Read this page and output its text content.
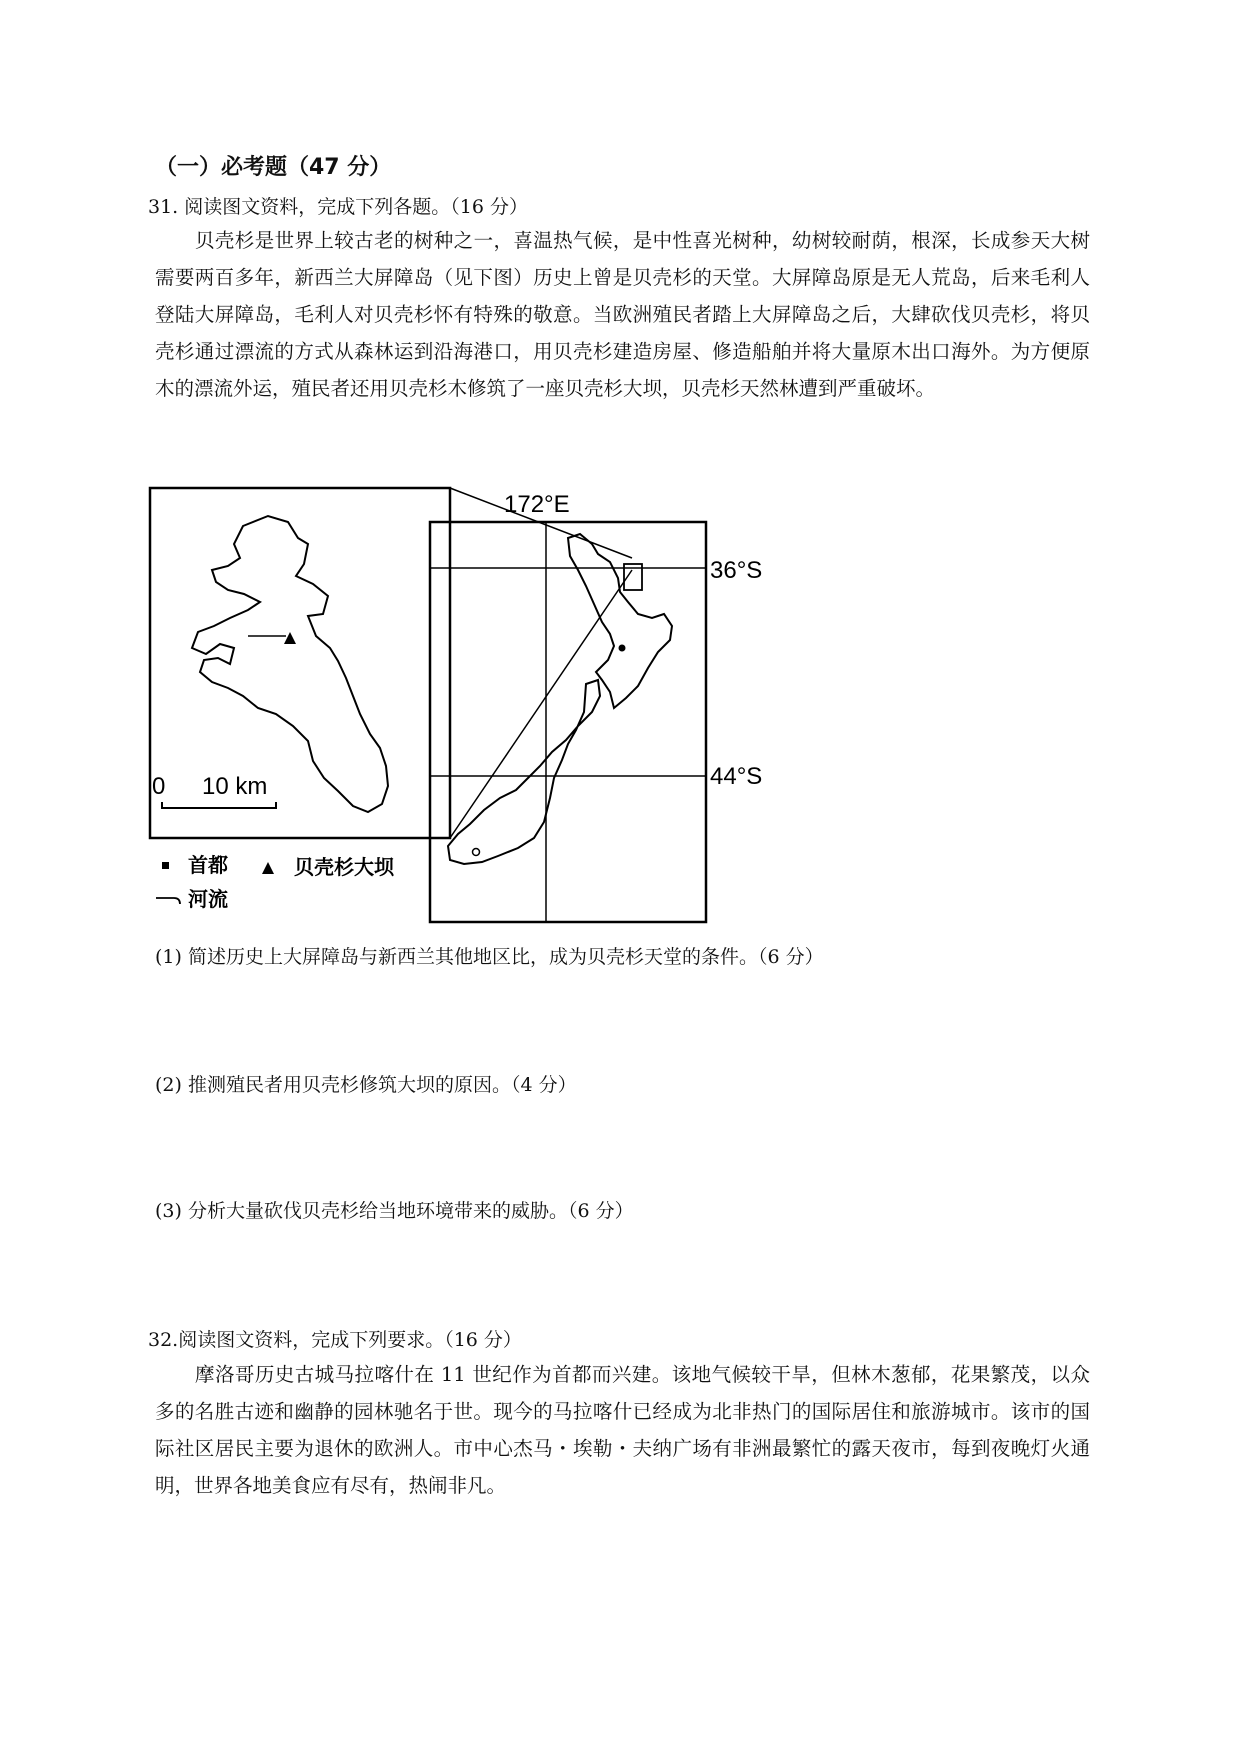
（一）必考题（47 分）
31. 阅读图文资料，完成下列各题。（16 分）

贝壳杉是世界上较古老的树种之一，喜温热气候，是中性喜光树种，幼树较耐荫，根深，长成参天大树需要两百多年，新西兰大屏障岛（见下图）历史上曾是贝壳杉的天堂。大屏障岛原是无人荒岛，后来毛利人登陆大屏障岛，毛利人对贝壳杉怀有特殊的敬意。当欧洲殖民者踏上大屏障岛之后，大肆砍伐贝壳杉，将贝壳杉通过漂流的方式从森林运到沿海港口，用贝壳杉建造房屋、修造船舶并将大量原木出口海外。为方便原木的漂流外运，殖民者还用贝壳杉木修筑了一座贝壳杉大坝，贝壳杉天然林遭到严重破坏。

0 10 km
172°E
36°S
44°S
首都	贝壳杉大坝
河流
(1) 简述历史上大屏障岛与新西兰其他地区比，成为贝壳杉天堂的条件。（6 分）
(2) 推测殖民者用贝壳杉修筑大坝的原因。（4 分）
(3) 分析大量砍伐贝壳杉给当地环境带来的威胁。（6 分）
32.阅读图文资料，完成下列要求。（16 分）

摩洛哥历史古城马拉喀什在 11 世纪作为首都而兴建。该地气候较干旱，但林木葱郁，花果繁茂，以众多的名胜古迹和幽静的园林驰名于世。现今的马拉喀什已经成为北非热门的国际居住和旅游城市。该市的国际社区居民主要为退休的欧洲人。市中心杰马・埃勒・夫纳广场有非洲最繁忙的露天夜市，每到夜晚灯火通明，世界各地美食应有尽有，热闹非凡。
